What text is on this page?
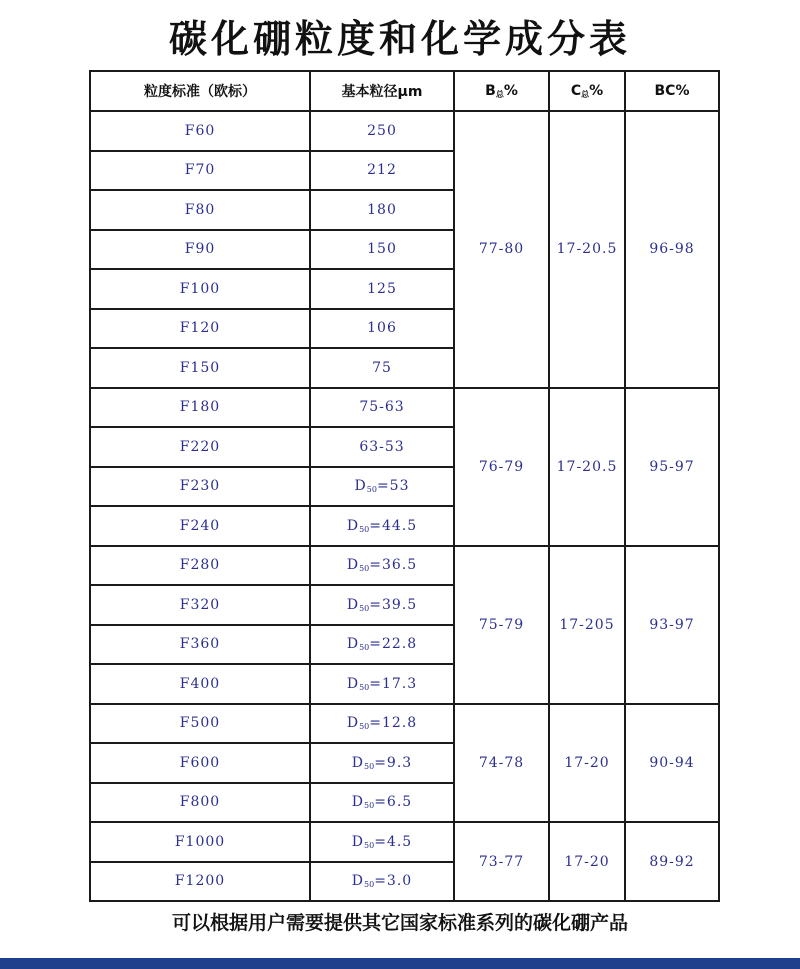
碳化硼粒度和化学成分表
粒度标准（欧标）	基本粒径μm	$B_总\%$	$C_总\%$	BC%
F60	250	77-80	17-20.5	96-98
F70	212			
F80	180			
F90	150			
F100	125			
F120	106			
F150	75			
F180	75-63	76-79	17-20.5	95-97
F220	63-53			
F230	$D_{50}=53$			
F240	$D_{50}=44.5$			
F280	$D_{50}=36.5$	75-79	17-205	93-97
F320	$D_{50}=39.5$			
F360	$D_{50}=22.8$			
F400	$D_{50}=17.3$			
F500	$D_{50}=12.8$	74-78	17-20	90-94
F600	$D_{50}=9.3$			
F800	$D_{50}=6.5$			
F1000	$D_{50}=4.5$	73-77	17-20	89-92
F1200	$D_{50}=3.0$			
可以根据用户需要提供其它国家标准系列的碳化硼产品
